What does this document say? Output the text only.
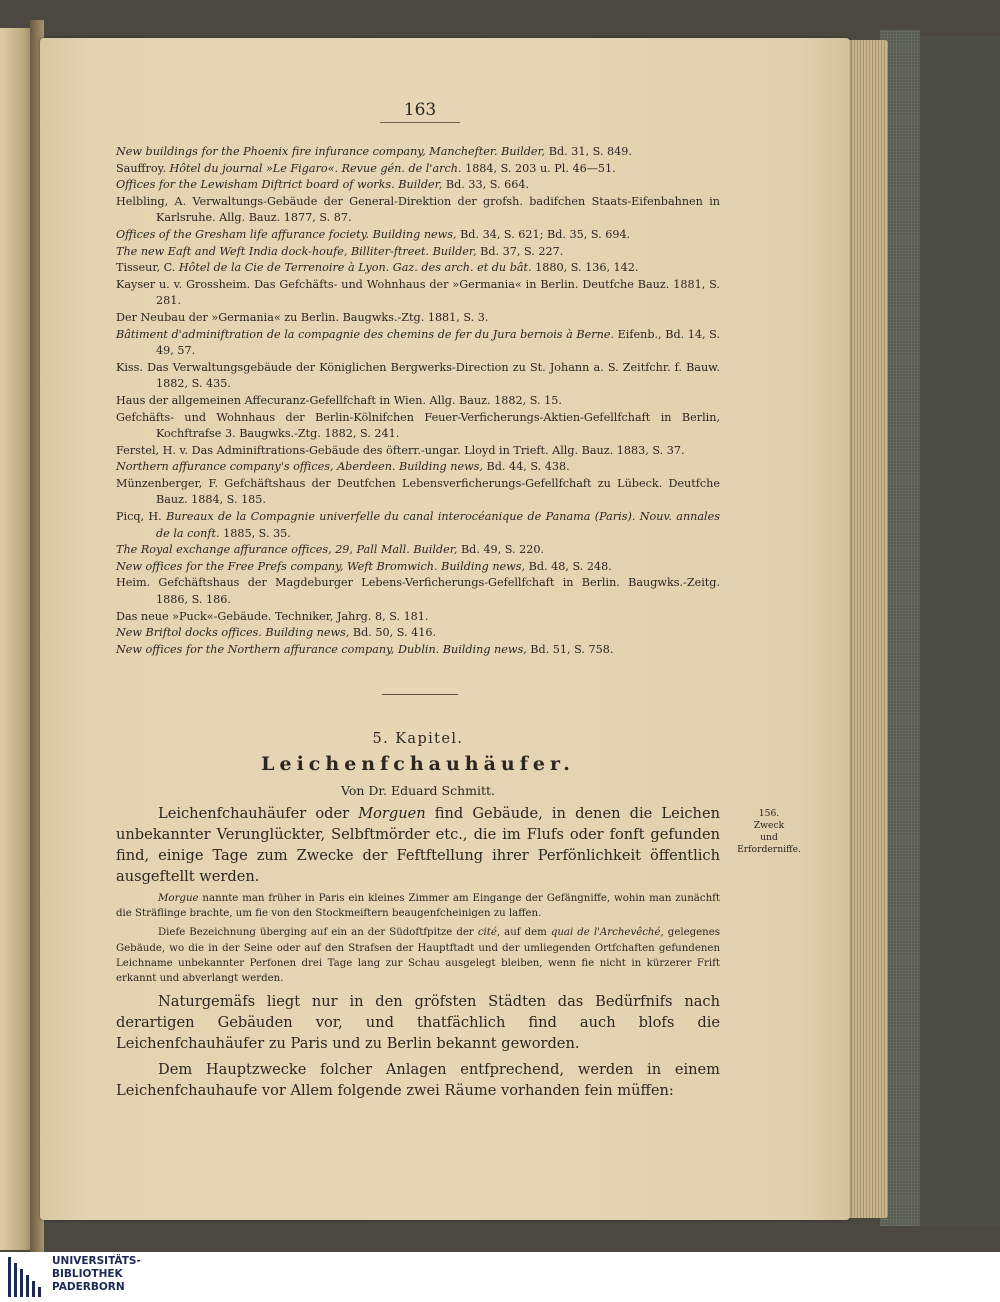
163
New buildings for the Phoenix fire infurance company, Manchefter. Builder, Bd. 31, S. 849.
Sauffroy. Hôtel du journal »Le Figaro«. Revue gén. de l'arch. 1884, S. 203 u. Pl. 46—51.
Offices for the Lewisham Diftrict board of works. Builder, Bd. 33, S. 664.
Helbling, A. Verwaltungs-Gebäude der General-Direktion der grofsh. badifchen Staats-Eifenbahnen in Karlsruhe. Allg. Bauz. 1877, S. 87.
Offices of the Gresham life affurance fociety. Building news, Bd. 34, S. 621; Bd. 35, S. 694.
The new Eaft and Weft India dock-houfe, Billiter-ftreet. Builder, Bd. 37, S. 227.
Tisseur, C. Hôtel de la Cie de Terrenoire à Lyon. Gaz. des arch. et du bât. 1880, S. 136, 142.
Kayser u. v. Grossheim. Das Gefchäfts- und Wohnhaus der »Germania« in Berlin. Deutfche Bauz. 1881, S. 281.
Der Neubau der »Germania« zu Berlin. Baugwks.-Ztg. 1881, S. 3.
Bâtiment d'adminiftration de la compagnie des chemins de fer du Jura bernois à Berne. Eifenb., Bd. 14, S. 49, 57.
Kiss. Das Verwaltungsgebäude der Königlichen Bergwerks-Direction zu St. Johann a. S. Zeitfchr. f. Bauw. 1882, S. 435.
Haus der allgemeinen Affecuranz-Gefellfchaft in Wien. Allg. Bauz. 1882, S. 15.
Gefchäfts- und Wohnhaus der Berlin-Kölnifchen Feuer-Verficherungs-Aktien-Gefellfchaft in Berlin, Kochftrafse 3. Baugwks.-Ztg. 1882, S. 241.
Ferstel, H. v. Das Adminiftrations-Gebäude des öfterr.-ungar. Lloyd in Trieft. Allg. Bauz. 1883, S. 37.
Northern affurance company's offices, Aberdeen. Building news, Bd. 44, S. 438.
Münzenberger, F. Gefchäftshaus der Deutfchen Lebensverficherungs-Gefellfchaft zu Lübeck. Deutfche Bauz. 1884, S. 185.
Picq, H. Bureaux de la Compagnie univerfelle du canal interocéanique de Panama (Paris). Nouv. annales de la conft. 1885, S. 35.
The Royal exchange affurance offices, 29, Pall Mall. Builder, Bd. 49, S. 220.
New offices for the Free Prefs company, Weft Bromwich. Building news, Bd. 48, S. 248.
Heim. Gefchäftshaus der Magdeburger Lebens-Verficherungs-Gefellfchaft in Berlin. Baugwks.-Zeitg. 1886, S. 186.
Das neue »Puck«-Gebäude. Techniker, Jahrg. 8, S. 181.
New Briftol docks offices. Building news, Bd. 50, S. 416.
New offices for the Northern affurance company, Dublin. Building news, Bd. 51, S. 758.
5. Kapitel.
Leichenfchauhäufer.
Von Dr. Eduard Schmitt.

Leichenfchauhäufer oder Morguen find Gebäude, in denen die Leichen unbekannter Verunglückter, Selbftmörder etc., die im Flufs oder fonft gefunden find, einige Tage zum Zwecke der Feftftellung ihrer Perfönlichkeit öffentlich ausgeftellt werden.

Morgue nannte man früher in Paris ein kleines Zimmer am Eingange der Gefängniffe, wohin man zunächft die Sträflinge brachte, um fie von den Stockmeiftern beaugenfcheinigen zu laffen.

Diefe Bezeichnung überging auf ein an der Südoftfpitze der cité, auf dem quai de l'Archevêché, gelegenes Gebäude, wo die in der Seine oder auf den Strafsen der Hauptftadt und der umliegenden Ortfchaften gefundenen Leichname unbekannter Perfonen drei Tage lang zur Schau ausgelegt bleiben, wenn fie nicht in kürzerer Frift erkannt und abverlangt werden.

Naturgemäfs liegt nur in den gröfsten Städten das Bedürfnifs nach derartigen Gebäuden vor, und thatfächlich find auch blofs die Leichenfchauhäufer zu Paris und zu Berlin bekannt geworden.

Dem Hauptzwecke folcher Anlagen entfprechend, werden in einem Leichenfchauhaufe vor Allem folgende zwei Räume vorhanden fein müffen:

156.
Zweck
und
Erforderniffe.
UNIVERSITÄTS-
BIBLIOTHEK
PADERBORN
